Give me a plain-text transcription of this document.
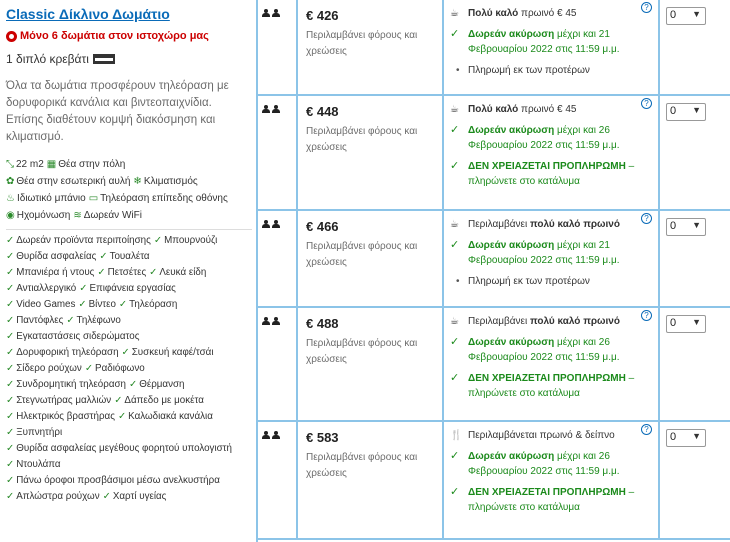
Classic Δίκλινο Δωμάτιο
Μόνο 6 δωμάτια στον ιστοχώρο μας
1 διπλό κρεβάτι
Όλα τα δωμάτια προσφέρουν τηλεόραση με δορυφορικά κανάλια και βιντεοπαιχνίδια. Επίσης διαθέτουν κομψή διακόσμηση και κλιματισμό.
⤡ 22 m2 ▦ Θέα στην πόλη
✿ Θέα στην εσωτερική αυλή ❄ Κλιματισμός
♨ Ιδιωτικό μπάνιο ▭ Τηλεόραση επίπεδης οθόνης
◉ Ηχομόνωση ≋ Δωρεάν WiFi
✓ Δωρεάν προϊόντα περιποίησης ✓ Μπουρνούζι
✓ Θυρίδα ασφαλείας ✓ Τουαλέτα
✓ Μπανιέρα ή ντους ✓ Πετσέτες ✓ Λευκά είδη
✓ Αντιαλλεργικό ✓ Επιφάνεια εργασίας
✓ Video Games ✓ Βίντεο ✓ Τηλεόραση
✓ Παντόφλες ✓ Τηλέφωνο
✓ Εγκαταστάσεις σιδερώματος
✓ Δορυφορική τηλεόραση ✓ Συσκευή καφέ/τσάι
✓ Σίδερο ρούχων ✓ Ραδιόφωνο
✓ Συνδρομητική τηλεόραση ✓ Θέρμανση
✓ Στεγνωτήρας μαλλιών ✓ Δάπεδο με μοκέτα
✓ Ηλεκτρικός βραστήρας ✓ Καλωδιακά κανάλια
✓ Ξυπνητήρι
✓ Θυρίδα ασφαλείας μεγέθους φορητού υπολογιστή
✓ Ντουλάπα
✓ Πάνω όροφοι προσβάσιμοι μέσω ανελκυστήρα
✓ Απλώστρα ρούχων ✓ Χαρτί υγείας
€ 426
Περιλαμβάνει φόρους και χρεώσεις
?
☕ Πολύ καλό πρωινό € 45
✓ Δωρεάν ακύρωση μέχρι και 21 Φεβρουαρίου 2022 στις 11:59 μ.μ.
• Πληρωμή εκ των προτέρων
0 ▼
€ 448
Περιλαμβάνει φόρους και χρεώσεις
?
☕ Πολύ καλό πρωινό € 45
✓ Δωρεάν ακύρωση μέχρι και 26 Φεβρουαρίου 2022 στις 11:59 μ.μ.
✓ ΔΕΝ ΧΡΕΙΑΖΕΤΑΙ ΠΡΟΠΛΗΡΩΜΗ – πληρώνετε στο κατάλυμα
0 ▼
€ 466
Περιλαμβάνει φόρους και χρεώσεις
?
☕ Περιλαμβάνει πολύ καλό πρωινό
✓ Δωρεάν ακύρωση μέχρι και 21 Φεβρουαρίου 2022 στις 11:59 μ.μ.
• Πληρωμή εκ των προτέρων
0 ▼
€ 488
Περιλαμβάνει φόρους και χρεώσεις
?
☕ Περιλαμβάνει πολύ καλό πρωινό
✓ Δωρεάν ακύρωση μέχρι και 26 Φεβρουαρίου 2022 στις 11:59 μ.μ.
✓ ΔΕΝ ΧΡΕΙΑΖΕΤΑΙ ΠΡΟΠΛΗΡΩΜΗ – πληρώνετε στο κατάλυμα
0 ▼
€ 583
Περιλαμβάνει φόρους και χρεώσεις
?
🍴 Περιλαμβάνεται πρωινό & δείπνο
✓ Δωρεάν ακύρωση μέχρι και 26 Φεβρουαρίου 2022 στις 11:59 μ.μ.
✓ ΔΕΝ ΧΡΕΙΑΖΕΤΑΙ ΠΡΟΠΛΗΡΩΜΗ – πληρώνετε στο κατάλυμα
0 ▼
